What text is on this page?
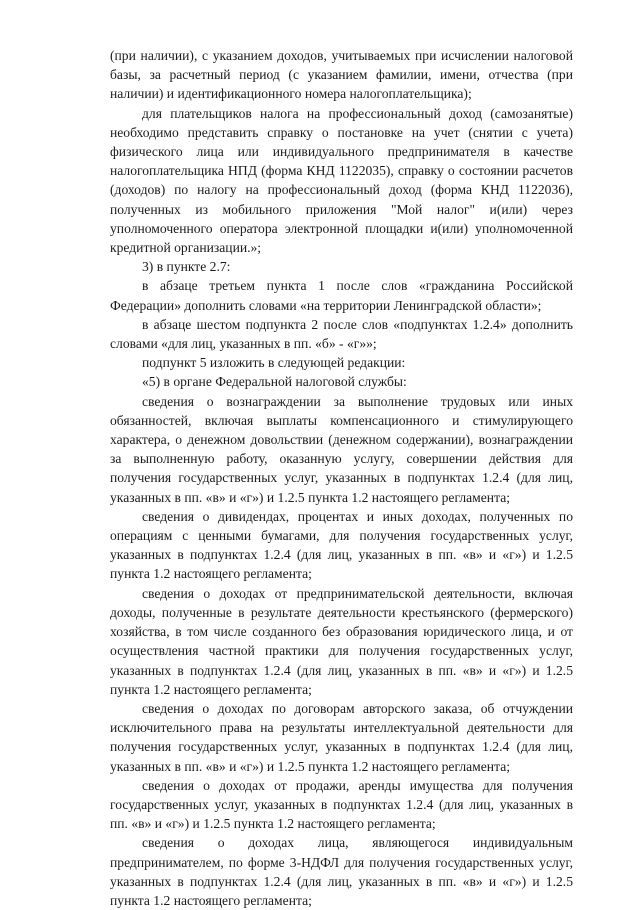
(при наличии), с указанием доходов, учитываемых при исчислении налоговой базы, за расчетный период (с указанием фамилии, имени, отчества (при наличии) и идентификационного номера налогоплательщика);

для плательщиков налога на профессиональный доход (самозанятые) необходимо представить справку о постановке на учет (снятии с учета) физического лица или индивидуального предпринимателя в качестве налогоплательщика НПД (форма КНД 1122035), справку о состоянии расчетов (доходов) по налогу на профессиональный доход (форма КНД 1122036), полученных из мобильного приложения "Мой налог" и(или) через уполномоченного оператора электронной площадки и(или) уполномоченной кредитной организации.»;

3) в пункте 2.7:

в абзаце третьем пункта 1 после слов «гражданина Российской Федерации» дополнить словами «на территории Ленинградской области»;

в абзаце шестом подпункта 2 после слов «подпунктах 1.2.4» дополнить словами «для лиц, указанных в пп. «б» - «г»»;

подпункт 5 изложить в следующей редакции:

«5) в органе Федеральной налоговой службы:

сведения о вознаграждении за выполнение трудовых или иных обязанностей, включая выплаты компенсационного и стимулирующего характера, о денежном довольствии (денежном содержании), вознаграждении за выполненную работу, оказанную услугу, совершении действия для получения государственных услуг, указанных в подпунктах 1.2.4 (для лиц, указанных в пп. «в» и «г») и 1.2.5 пункта 1.2 настоящего регламента;

сведения о дивидендах, процентах и иных доходах, полученных по операциям с ценными бумагами, для получения государственных услуг, указанных в подпунктах 1.2.4 (для лиц, указанных в пп. «в» и «г») и 1.2.5 пункта 1.2 настоящего регламента;

сведения о доходах от предпринимательской деятельности, включая доходы, полученные в результате деятельности крестьянского (фермерского) хозяйства, в том числе созданного без образования юридического лица, и от осуществления частной практики для получения государственных услуг, указанных в подпунктах 1.2.4 (для лиц, указанных в пп. «в» и «г») и 1.2.5 пункта 1.2 настоящего регламента;

сведения о доходах по договорам авторского заказа, об отчуждении исключительного права на результаты интеллектуальной деятельности для получения государственных услуг, указанных в подпунктах 1.2.4 (для лиц, указанных в пп. «в» и «г») и 1.2.5 пункта 1.2 настоящего регламента;

сведения о доходах от продажи, аренды имущества для получения государственных услуг, указанных в подпунктах 1.2.4 (для лиц, указанных в пп. «в» и «г») и 1.2.5 пункта 1.2 настоящего регламента;

сведения о доходах лица, являющегося индивидуальным предпринимателем, по форме 3-НДФЛ для получения государственных услуг, указанных в подпунктах 1.2.4 (для лиц, указанных в пп. «в» и «г») и 1.2.5 пункта 1.2 настоящего регламента;
